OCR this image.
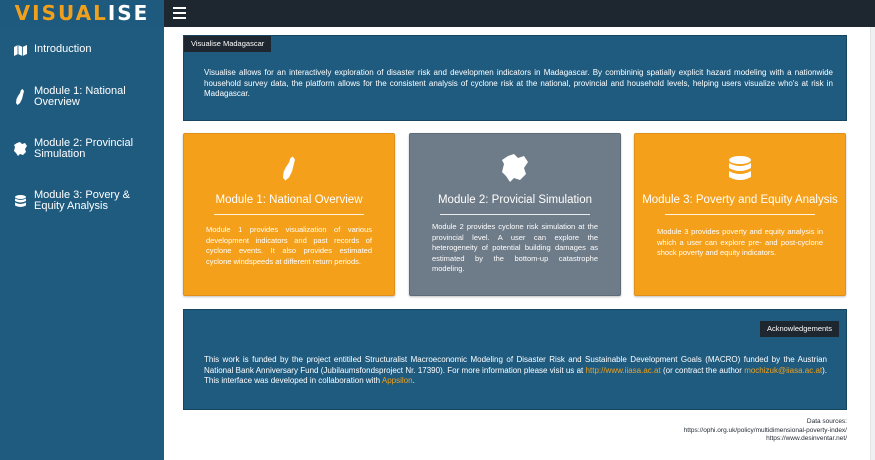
VISUALISE
Introduction
Module 1: National Overview
Module 2: Provincial Simulation
Module 3: Povery & Equity Analysis
Visualise Madagascar
Visualise allows for an interactively exploration of disaster risk and developmen indicators in Madagascar. By combininig spatially explicit hazard modeling with a nationwide household survey data, the platform allows for the consistent analysis of cyclone risk at the national, provincial and household levels, helping users visualize who's at risk in Madagascar.
Module 1: National Overview
Module 1 provides visualization of various development indicators and past records of cyclone events. It also provides estimated cyclone windspeeds at different return periods.
Module 2: Provicial Simulation
Module 2 provides cyclone risk simulation at the provincial level. A user can explore the heterogeneity of potential building damages as estimated by the bottom-up catastrophe modeling.
Module 3: Poverty and Equity Analysis
Module 3 provides poverty and equity analysis in which a user can explore pre- and post-cyclone shock poverty and equity indicators.
Acknowledgements
This work is funded by the project entitiled Structuralist Macroeconomic Modeling of Disaster Risk and Sustainable Development Goals (MACRO) funded by the Austrian National Bank Anniversary Fund (Jubilaumsfondsproject Nr. 17390). For more information please visit us at http://www.iiasa.ac.at (or contract the author mochizuk@iiasa.ac.at). This interface was developed in collaboration with Appsilon.
Data sources:
https://ophi.org.uk/policy/multidimensional-poverty-index/
https://www.desinventar.net/
